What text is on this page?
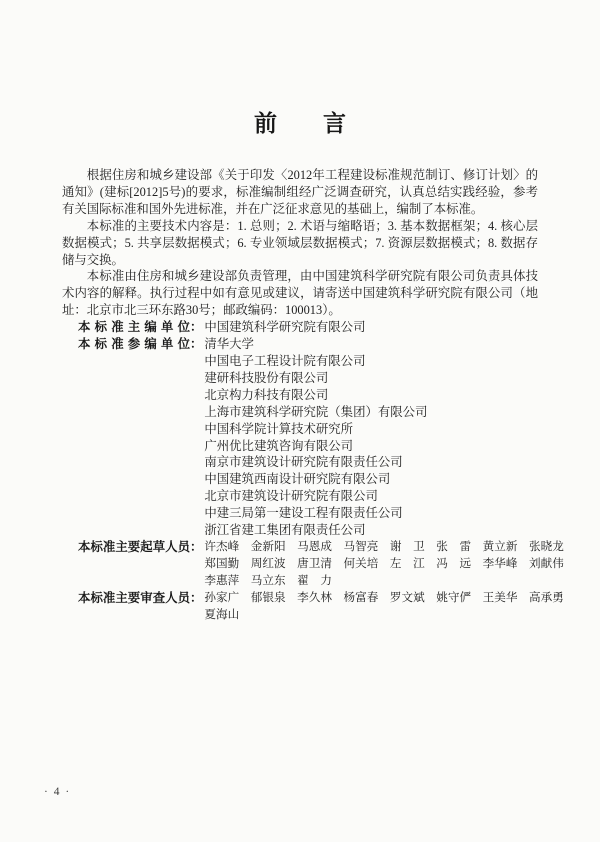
前　　言

根据住房和城乡建设部《关于印发〈2012年工程建设标准规范制订、修订计划〉的通知》(建标[2012]5号)的要求，标准编制组经广泛调查研究，认真总结实践经验，参考有关国际标准和国外先进标准，并在广泛征求意见的基础上，编制了本标准。

本标准的主要技术内容是：1. 总则；2. 术语与缩略语；3. 基本数据框架；4. 核心层数据模式；5. 共享层数据模式；6. 专业领域层数据模式；7. 资源层数据模式；8. 数据存储与交换。

本标准由住房和城乡建设部负责管理，由中国建筑科学研究院有限公司负责具体技术内容的解释。执行过程中如有意见或建议，请寄送中国建筑科学研究院有限公司（地址：北京市北三环东路30号；邮政编码：100013）。

本标准主编单位： 中国建筑科学研究院有限公司
本标准参编单位： 清华大学
中国电子工程设计院有限公司
建研科技股份有限公司
北京构力科技有限公司
上海市建筑科学研究院（集团）有限公司
中国科学院计算技术研究所
广州优比建筑咨询有限公司
南京市建筑设计研究院有限责任公司
中国建筑西南设计研究院有限公司
北京市建筑设计研究院有限公司
中建三局第一建设工程有限责任公司
浙江省建工集团有限责任公司
本标准主要起草人员： 许杰峰　金新阳　马恩成　马智亮　谢　卫　张　雷　黄立新　张晓龙
郑国勤　周红波　唐卫清　何关培　左　江　冯　远　李华峰　刘献伟
李惠萍　马立东　翟　力
本标准主要审查人员： 孙家广　郁银泉　李久林　杨富春　罗文斌　姚守俨　王美华　高承勇
夏海山
· 4 ·
